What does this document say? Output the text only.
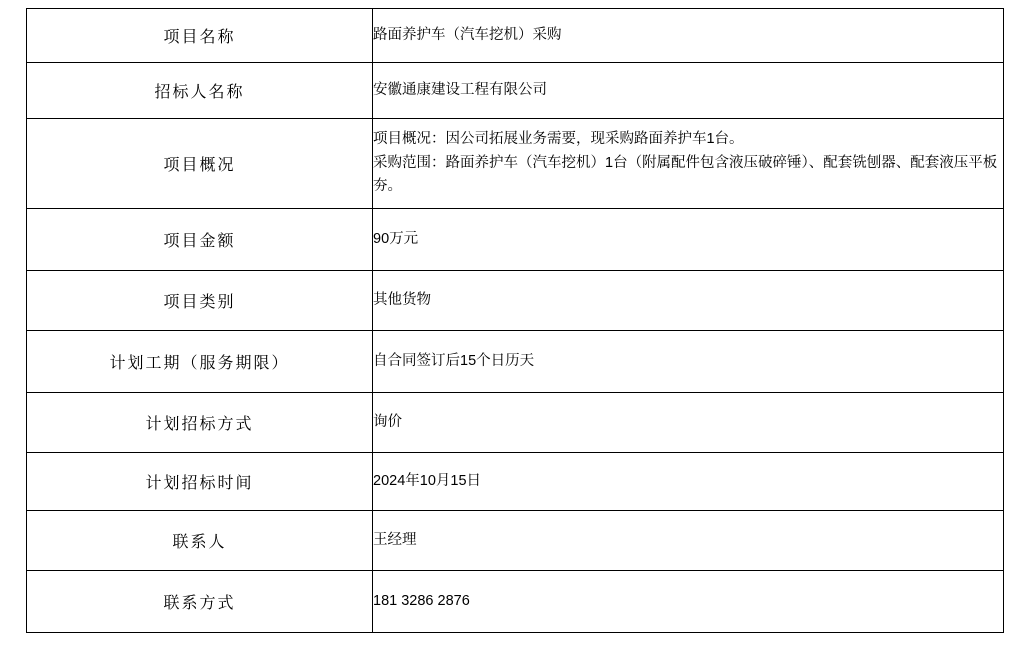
项目名称	路面养护车（汽车挖机）采购

招标人名称	安徽通康建设工程有限公司

项目概况	项目概况：因公司拓展业务需要，现采购路面养护车1台。
采购范围：路面养护车（汽车挖机）1台（附属配件包含液压破碎锤）、配套铣刨器、配套液压平板夯。

项目金额	90万元

项目类别	其他货物

计划工期（服务期限）	自合同签订后15个日历天

计划招标方式	询价

计划招标时间	2024年10月15日

联系人	王经理

联系方式	181 3286 2876
